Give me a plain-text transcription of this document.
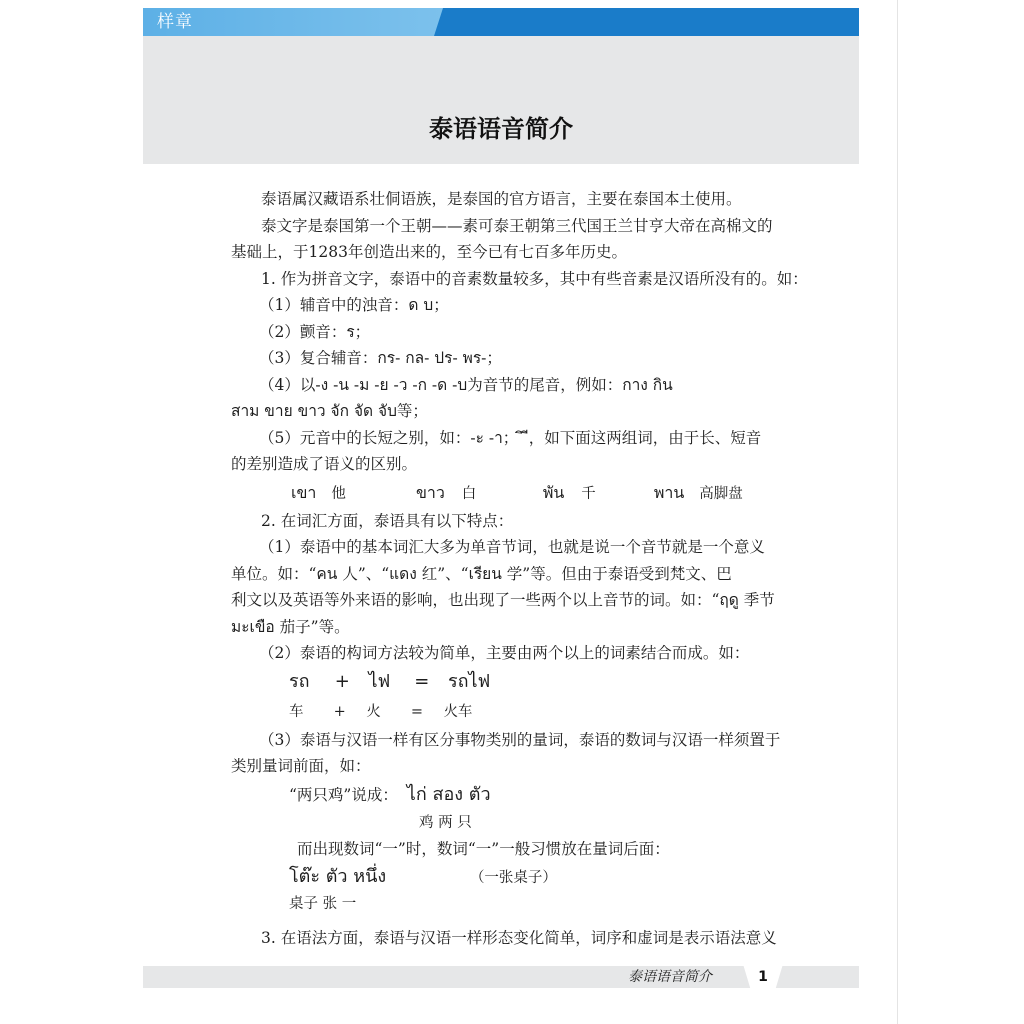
样章
泰语语音简介
泰语属汉藏语系壮侗语族，是泰国的官方语言，主要在泰国本土使用。
泰文字是泰国第一个王朝——素可泰王朝第三代国王兰甘亨大帝在高棉文的
基础上，于1283年创造出来的，至今已有七百多年历史。
1. 作为拼音文字，泰语中的音素数量较多，其中有些音素是汉语所没有的。如：
（1）辅音中的浊音：ด บ；
（2）颤音：ร；
（3）复合辅音：กร- กล- ปร- พร-；
（4）以-ง -น -ม -ย -ว -ก -ด -บ为音节的尾音，例如：กาง กิน
สาม ขาย ขาว จัก จัด จับ等；
（5）元音中的长短之别，如：-ะ -า； ิ ี，如下面这两组词，由于长、短音
的差别造成了语义的区别。
เขา 他	ขาว 白	พัน 千	พาน 高脚盘
2. 在词汇方面，泰语具有以下特点：
（1）泰语中的基本词汇大多为单音节词，也就是说一个音节就是一个意义
单位。如：“คน 人”、“แดง 红”、“เรียน 学”等。但由于泰语受到梵文、巴
利文以及英语等外来语的影响，也出现了一些两个以上音节的词。如：“ฤดู 季节
มะเขือ 茄子”等。
（2）泰语的构词方法较为简单，主要由两个以上的词素结合而成。如：
รถ + ไฟ = รถไฟ
车 + 火 = 火车
（3）泰语与汉语一样有区分事物类别的量词，泰语的数词与汉语一样须置于
类别量词前面，如：
“两只鸡”说成： ไก่ สอง ตัว
鸡 两 只
而出现数词“一”时，数词“一”一般习惯放在量词后面：
โต๊ะ ตัว หนึ่ง	（一张桌子）
桌子 张 一
3. 在语法方面，泰语与汉语一样形态变化简单，词序和虚词是表示语法意义
泰语语音简介	1
